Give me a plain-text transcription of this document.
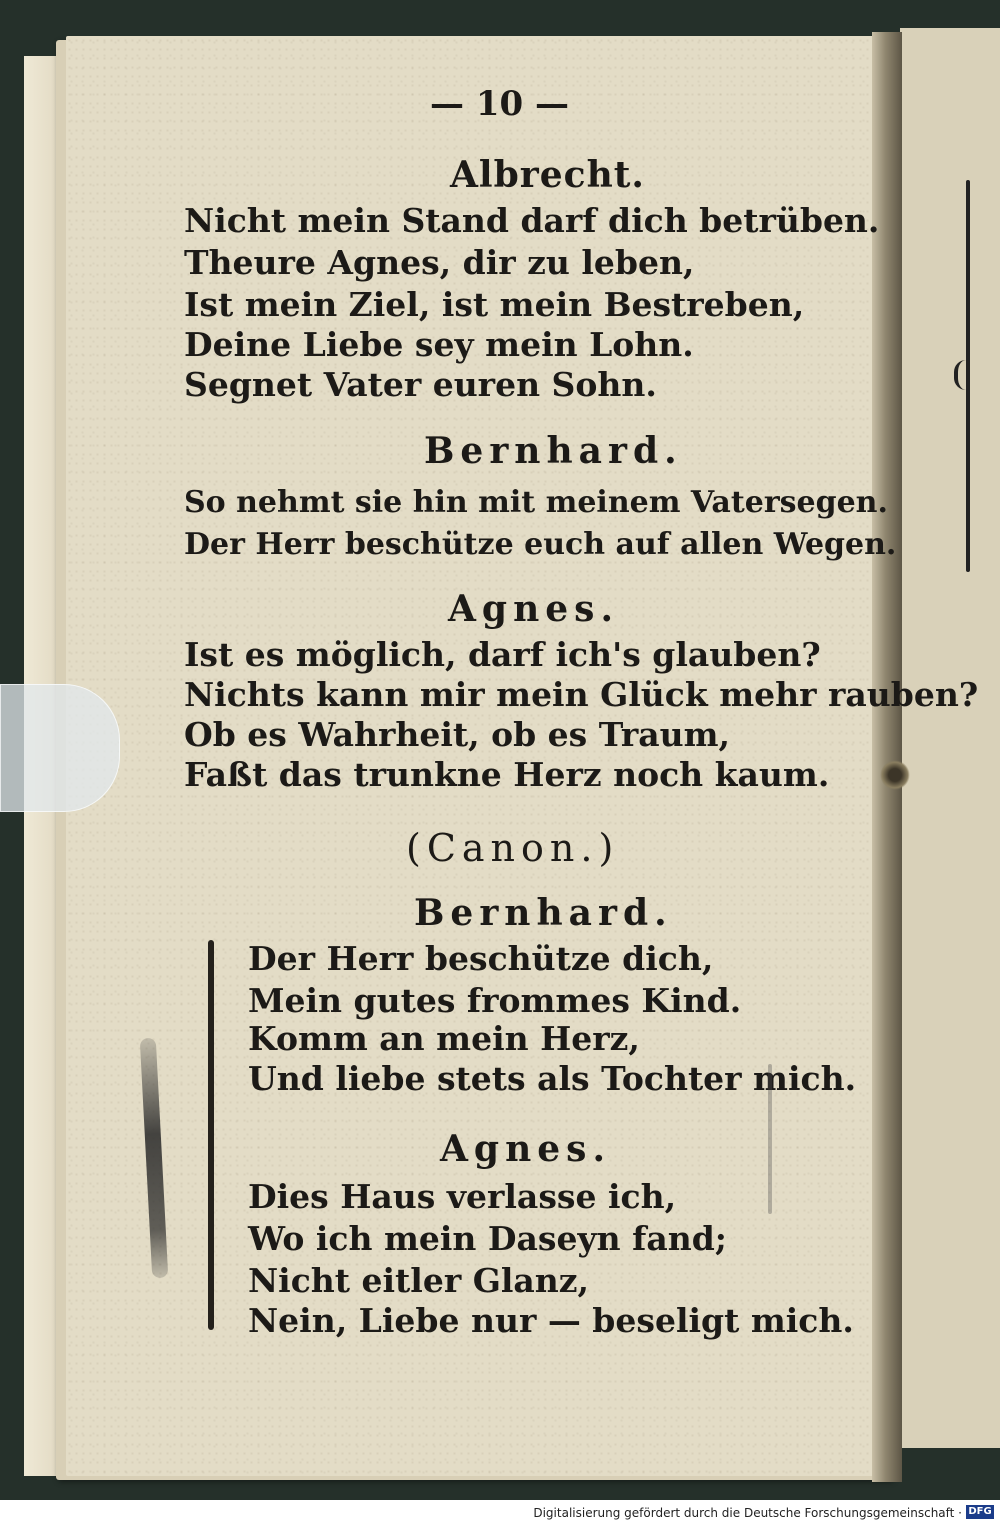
— 10 —
Albrecht.
Nicht mein Stand darf dich betrüben.
Theure Agnes, dir zu leben,
Ist mein Ziel, ist mein Bestreben,
Deine Liebe sey mein Lohn.
Segnet Vater euren Sohn.
Bernhard.
So nehmt sie hin mit meinem Vatersegen.
Der Herr beschütze euch auf allen Wegen.
Agnes.
Ist es möglich, darf ich's glauben?
Nichts kann mir mein Glück mehr rauben?
Ob es Wahrheit, ob es Traum,
Faßt das trunkne Herz noch kaum.
(Canon.)
Bernhard.
Der Herr beschütze dich,
Mein gutes frommes Kind.
Komm an mein Herz,
Und liebe stets als Tochter mich.
Agnes.
Dies Haus verlasse ich,
Wo ich mein Daseyn fand;
Nicht eitler Glanz,
Nein, Liebe nur — beseligt mich.
Digitalisierung gefördert durch die Deutsche Forschungsgemeinschaft · DFG
